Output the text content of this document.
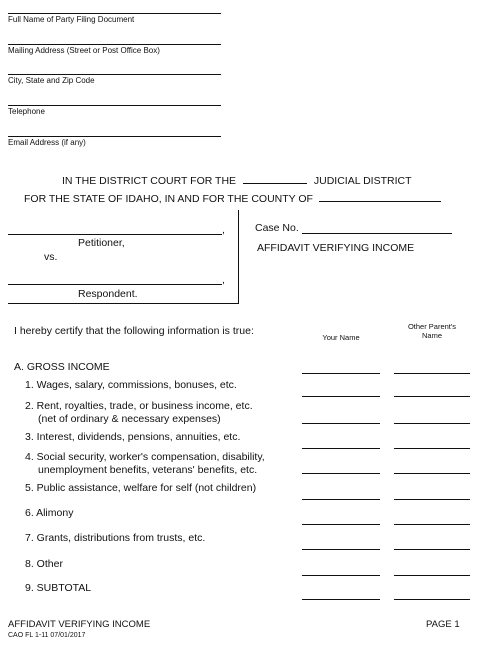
Full Name of Party Filing Document
Mailing Address (Street or Post Office Box)
City, State and Zip Code
Telephone
Email Address (if any)
IN THE DISTRICT COURT FOR THE	JUDICIAL DISTRICT
FOR THE STATE OF IDAHO, IN AND FOR THE COUNTY OF
,
Petitioner,
vs.
,
Respondent.
Case No.
AFFIDAVIT VERIFYING INCOME
I hereby certify that the following information is true:
Your Name
Other Parent's
Name
A. GROSS INCOME
1. Wages, salary, commissions, bonuses, etc.
2. Rent, royalties, trade, or business income, etc.
(net of ordinary & necessary expenses)
3. Interest, dividends, pensions, annuities, etc.
4. Social security, worker's compensation, disability,
unemployment benefits, veterans' benefits, etc.
5. Public assistance, welfare for self (not children)
6. Alimony
7. Grants, distributions from trusts, etc.
8. Other
9. SUBTOTAL
AFFIDAVIT VERIFYING INCOME
CAO FL 1-11 07/01/2017
PAGE 1
